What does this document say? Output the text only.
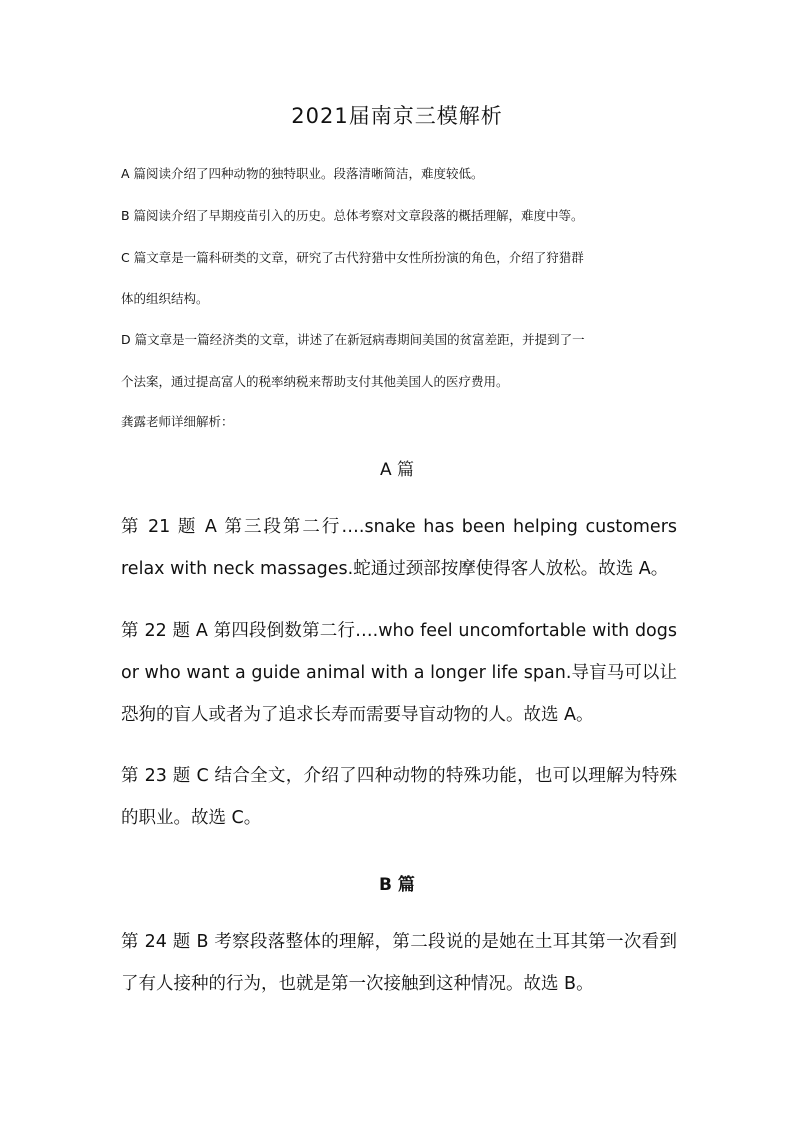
2021届南京三模解析
A 篇阅读介绍了四种动物的独特职业。段落清晰简洁，难度较低。
B 篇阅读介绍了早期疫苗引入的历史。总体考察对文章段落的概括理解，难度中等。
C 篇文章是一篇科研类的文章，研究了古代狩猎中女性所扮演的角色，介绍了狩猎群
体的组织结构。
D 篇文章是一篇经济类的文章，讲述了在新冠病毒期间美国的贫富差距，并提到了一
个法案，通过提高富人的税率纳税来帮助支付其他美国人的医疗费用。
龚露老师详细解析：
A 篇
第 21 题 A 第三段第二行….snake has been helping customers
relax with neck massages.蛇通过颈部按摩使得客人放松。故选 A。
第 22 题 A 第四段倒数第二行….who feel uncomfortable with dogs
or who want a guide animal with a longer life span.导盲马可以让
恐狗的盲人或者为了追求长寿而需要导盲动物的人。故选 A。
第 23 题 C 结合全文，介绍了四种动物的特殊功能，也可以理解为特殊
的职业。故选 C。
B 篇
第 24 题 B 考察段落整体的理解，第二段说的是她在土耳其第一次看到
了有人接种的行为，也就是第一次接触到这种情况。故选 B。
